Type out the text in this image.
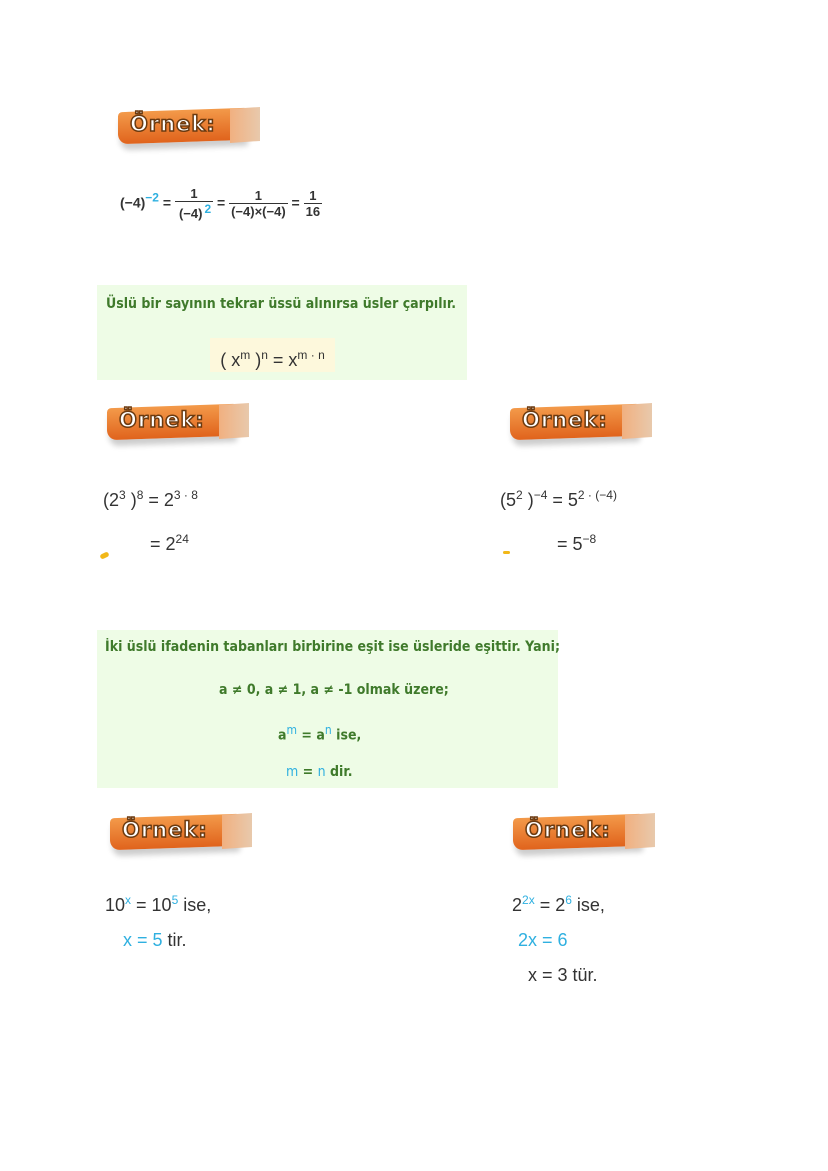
Örnek:
$(-4)^{-2} = \frac{1}{(-4) ^2} = \frac{1}{(-4)\times(-4)} = \frac{1}{16}$
Üslü bir sayının tekrar üssü alınırsa üsler çarpılır.
( $x^m$ )$^n = x^{m \cdot n}$
Örnek:	Örnek:
($2^3$ )$^8 = 2^{3 \cdot 8}$
= $2^{24}$
($5^2$ )$^{-4} = 5^{2 \cdot (-4)}$
= $5^{-8}$
İki üslü ifadenin tabanları birbirine eşit ise üsleride eşittir. Yani;
a ≠ 0, a ≠ 1, a ≠ -1 olmak üzere;
$a^m = a^n$ ise,
m = n dir.
Örnek:	Örnek:
$10^x = 10^5$ ise,
x = 5 tir.
$2^{2x} = 2^6$ ise,
2x = 6
x = 3 tür.
